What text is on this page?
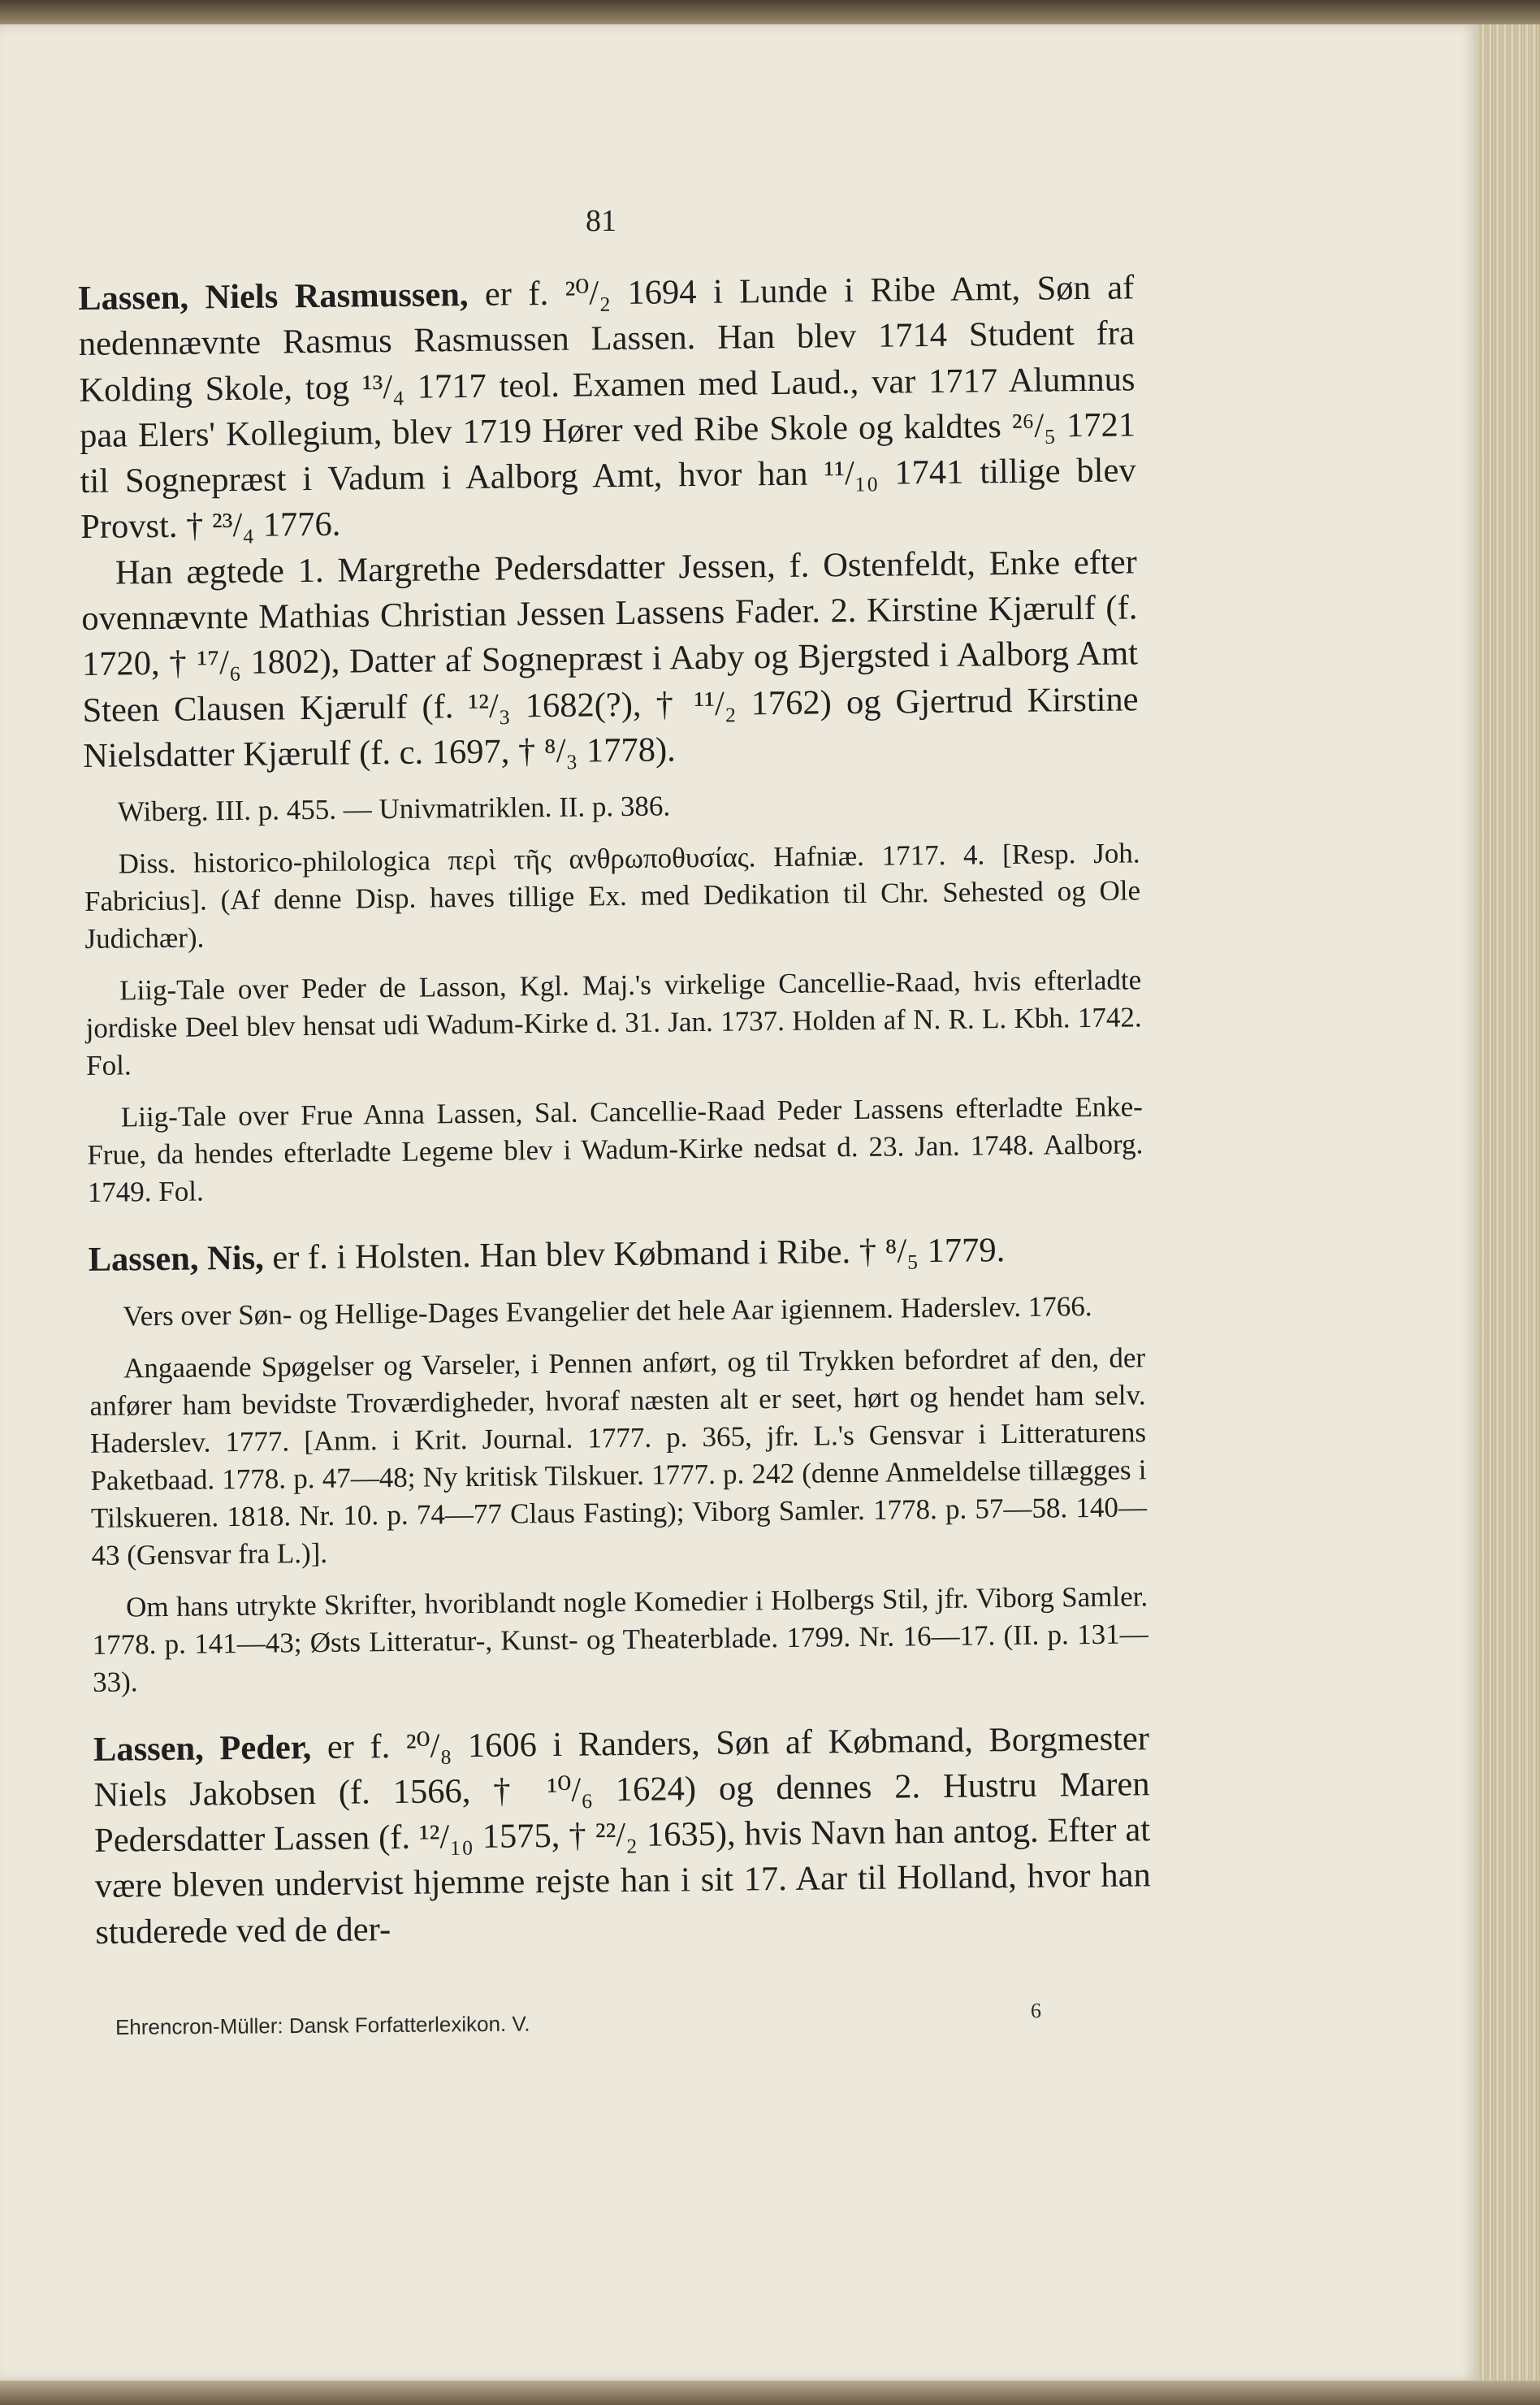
81

Lassen, Niels Rasmussen, er f. ²⁰/₂ 1694 i Lunde i Ribe Amt, Søn af nedennævnte Rasmus Rasmussen Lassen. Han blev 1714 Student fra Kolding Skole, tog ¹³/₄ 1717 teol. Examen med Laud., var 1717 Alumnus paa Elers' Kollegium, blev 1719 Hører ved Ribe Skole og kaldtes ²⁶/₅ 1721 til Sognepræst i Vadum i Aalborg Amt, hvor han ¹¹/₁₀ 1741 tillige blev Provst. † ²³/₄ 1776.

Han ægtede 1. Margrethe Pedersdatter Jessen, f. Ostenfeldt, Enke efter ovennævnte Mathias Christian Jessen Lassens Fader. 2. Kirstine Kjærulf (f. 1720, † ¹⁷/₆ 1802), Datter af Sognepræst i Aaby og Bjergsted i Aalborg Amt Steen Clausen Kjærulf (f. ¹²/₃ 1682(?), † ¹¹/₂ 1762) og Gjertrud Kirstine Nielsdatter Kjærulf (f. c. 1697, † ⁸/₃ 1778).

Wiberg. III. p. 455. — Univmatriklen. II. p. 386.

Diss. historico-philologica περὶ τῆς ανθρωποθυσίας. Hafniæ. 1717. 4. [Resp. Joh. Fabricius]. (Af denne Disp. haves tillige Ex. med Dedikation til Chr. Sehested og Ole Judichær).

Liig-Tale over Peder de Lasson, Kgl. Maj.'s virkelige Cancellie-Raad, hvis efterladte jordiske Deel blev hensat udi Wadum-Kirke d. 31. Jan. 1737. Holden af N. R. L. Kbh. 1742. Fol.

Liig-Tale over Frue Anna Lassen, Sal. Cancellie-Raad Peder Lassens efterladte Enke-Frue, da hendes efterladte Legeme blev i Wadum-Kirke nedsat d. 23. Jan. 1748. Aalborg. 1749. Fol.

Lassen, Nis, er f. i Holsten. Han blev Købmand i Ribe. † ⁸/₅ 1779.

Vers over Søn- og Hellige-Dages Evangelier det hele Aar igiennem. Haderslev. 1766.

Angaaende Spøgelser og Varseler, i Pennen anført, og til Trykken befordret af den, der anfører ham bevidste Troværdigheder, hvoraf næsten alt er seet, hørt og hendet ham selv. Haderslev. 1777. [Anm. i Krit. Journal. 1777. p. 365, jfr. L.'s Gensvar i Litteraturens Paketbaad. 1778. p. 47—48; Ny kritisk Tilskuer. 1777. p. 242 (denne Anmeldelse tillægges i Tilskueren. 1818. Nr. 10. p. 74—77 Claus Fasting); Viborg Samler. 1778. p. 57—58. 140—43 (Gensvar fra L.)].

Om hans utrykte Skrifter, hvoriblandt nogle Komedier i Holbergs Stil, jfr. Viborg Samler. 1778. p. 141—43; Østs Litteratur-, Kunst- og Theaterblade. 1799. Nr. 16—17. (II. p. 131—33).

Lassen, Peder, er f. ²⁰/₈ 1606 i Randers, Søn af Købmand, Borgmester Niels Jakobsen (f. 1566, † ¹⁰/₆ 1624) og dennes 2. Hustru Maren Pedersdatter Lassen (f. ¹²/₁₀ 1575, † ²²/₂ 1635), hvis Navn han antog. Efter at være bleven undervist hjemme rejste han i sit 17. Aar til Holland, hvor han studerede ved de der-

Ehrencron-Müller: Dansk Forfatterlexikon. V.
6
